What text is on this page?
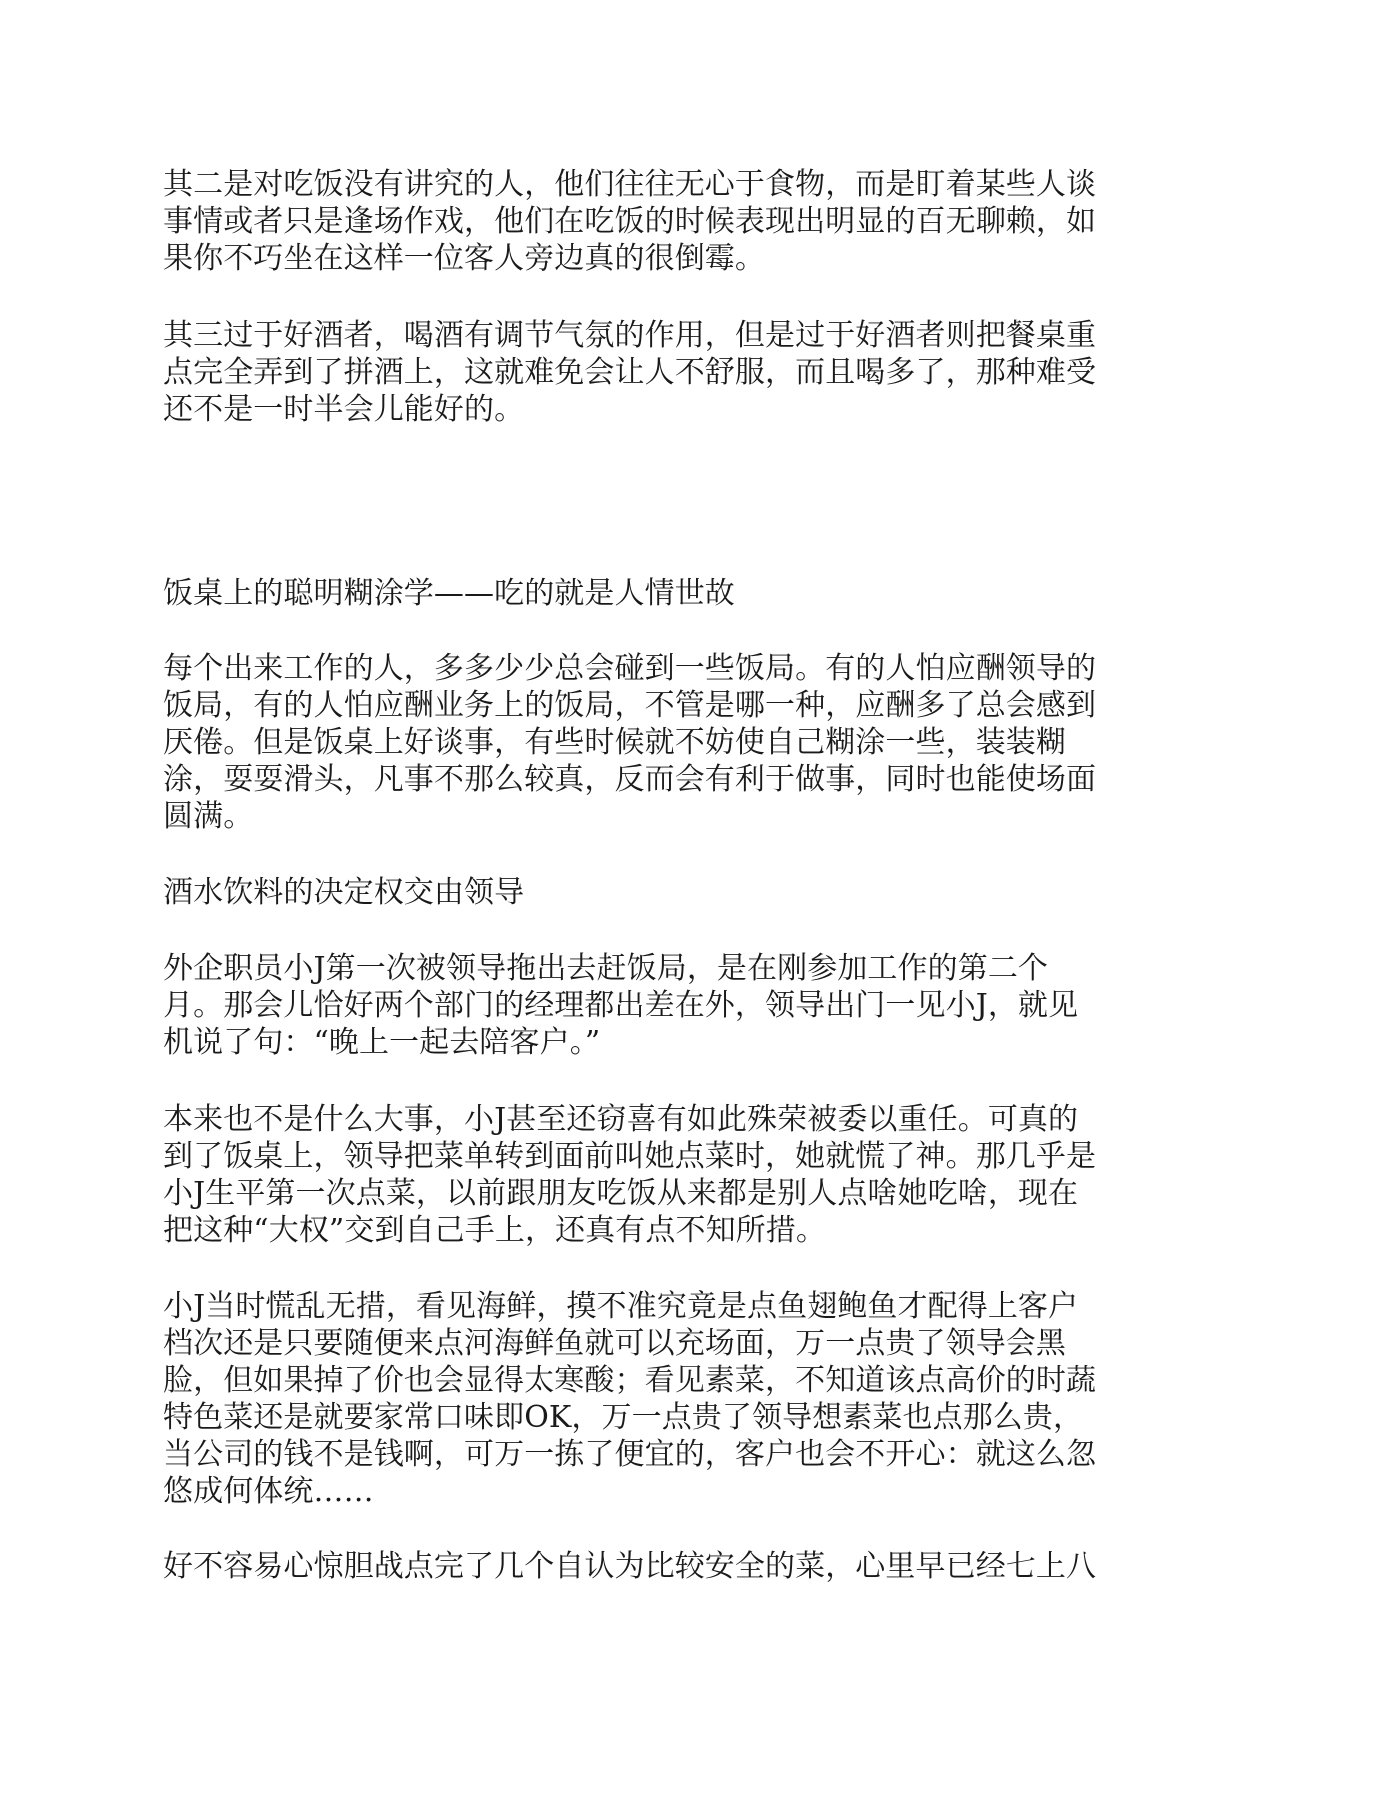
其二是对吃饭没有讲究的人，他们往往无心于食物，而是盯着某些人谈
事情或者只是逢场作戏，他们在吃饭的时候表现出明显的百无聊赖，如
果你不巧坐在这样一位客人旁边真的很倒霉。

其三过于好酒者，喝酒有调节气氛的作用，但是过于好酒者则把餐桌重
点完全弄到了拼酒上，这就难免会让人不舒服，而且喝多了，那种难受
还不是一时半会儿能好的。

饭桌上的聪明糊涂学——吃的就是人情世故

每个出来工作的人，多多少少总会碰到一些饭局。有的人怕应酬领导的
饭局，有的人怕应酬业务上的饭局，不管是哪一种，应酬多了总会感到
厌倦。但是饭桌上好谈事，有些时候就不妨使自己糊涂一些，装装糊
涂，耍耍滑头，凡事不那么较真，反而会有利于做事，同时也能使场面
圆满。

酒水饮料的决定权交由领导

外企职员小J第一次被领导拖出去赶饭局，是在刚参加工作的第二个
月。那会儿恰好两个部门的经理都出差在外，领导出门一见小J，就见
机说了句：“晚上一起去陪客户。”

本来也不是什么大事，小J甚至还窃喜有如此殊荣被委以重任。可真的
到了饭桌上，领导把菜单转到面前叫她点菜时，她就慌了神。那几乎是
小J生平第一次点菜，以前跟朋友吃饭从来都是别人点啥她吃啥，现在
把这种“大权”交到自己手上，还真有点不知所措。

小J当时慌乱无措，看见海鲜，摸不准究竟是点鱼翅鲍鱼才配得上客户
档次还是只要随便来点河海鲜鱼就可以充场面，万一点贵了领导会黑
脸，但如果掉了价也会显得太寒酸；看见素菜，不知道该点高价的时蔬
特色菜还是就要家常口味即OK，万一点贵了领导想素菜也点那么贵，
当公司的钱不是钱啊，可万一拣了便宜的，客户也会不开心：就这么忽
悠成何体统……

好不容易心惊胆战点完了几个自认为比较安全的菜，心里早已经七上八
